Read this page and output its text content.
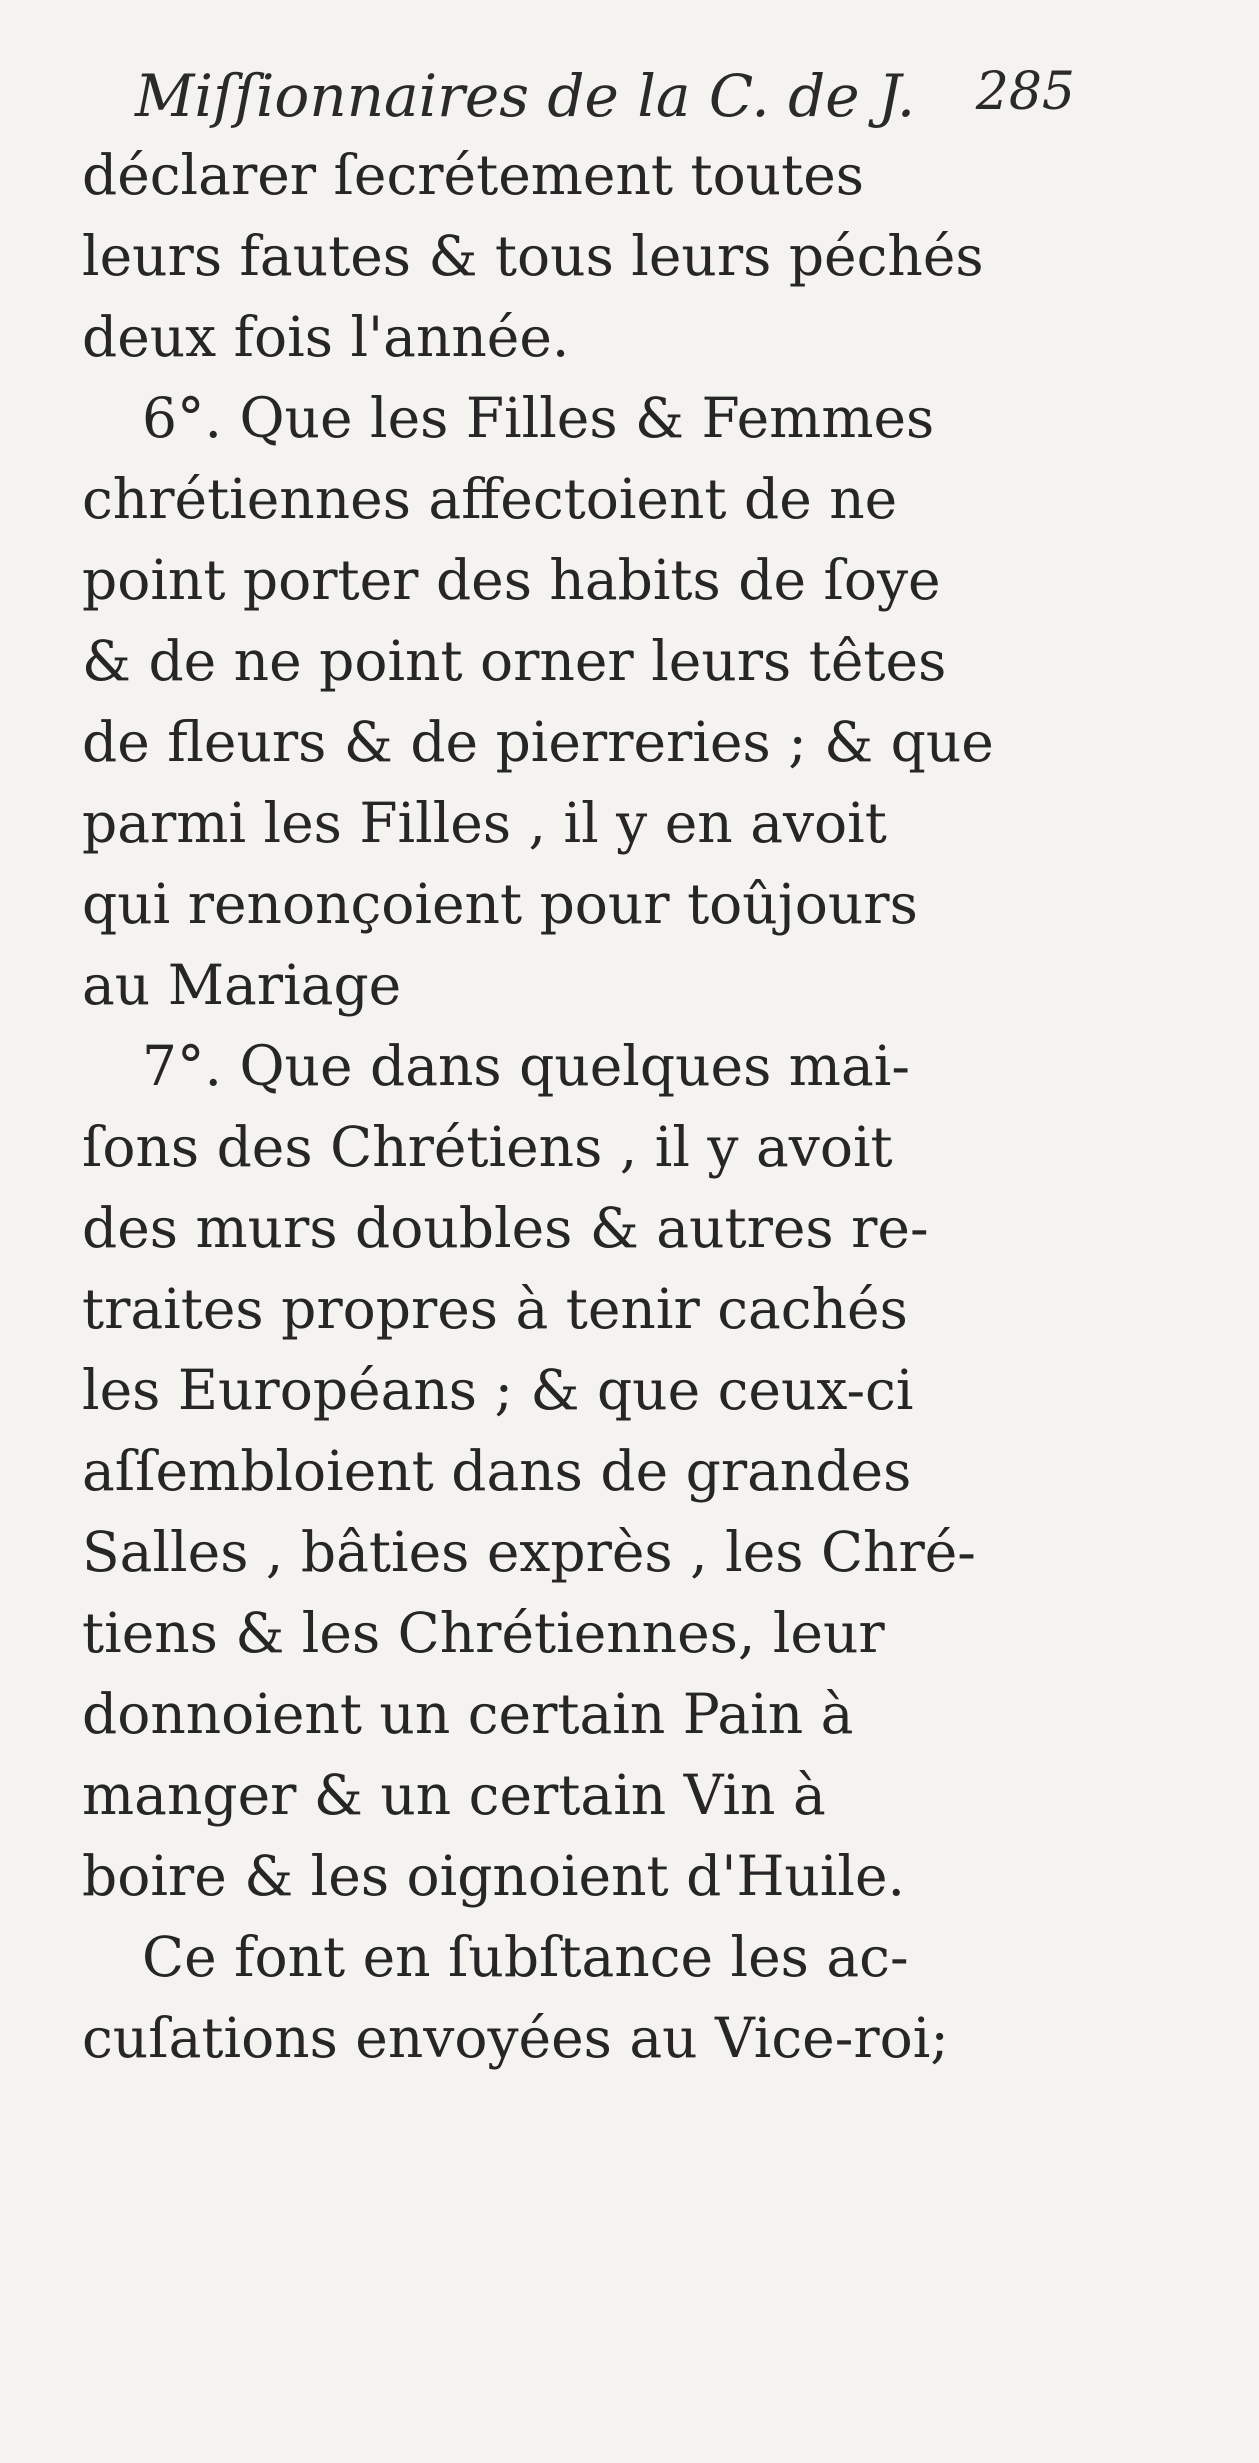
Miſſionnaires de la C. de J. 285
déclarer ſecrétement toutes
leurs fautes & tous leurs péchés
deux fois l'année.
6°. Que les Filles & Femmes
chrétiennes affectoient de ne
point porter des habits de ſoye
& de ne point orner leurs têtes
de fleurs & de pierreries ; & que
parmi les Filles , il y en avoit
qui renonçoient pour toûjours
au Mariage
7°. Que dans quelques mai-
ſons des Chrétiens , il y avoit
des murs doubles & autres re-
traites propres à tenir cachés
les Européans ; & que ceux-ci
aſſembloient dans de grandes
Salles , bâties exprès , les Chré-
tiens & les Chrétiennes, leur
donnoient un certain Pain à
manger & un certain Vin à
boire & les oignoient d'Huile.
Ce font en ſubſtance les ac-
cuſations envoyées au Vice-roi;
